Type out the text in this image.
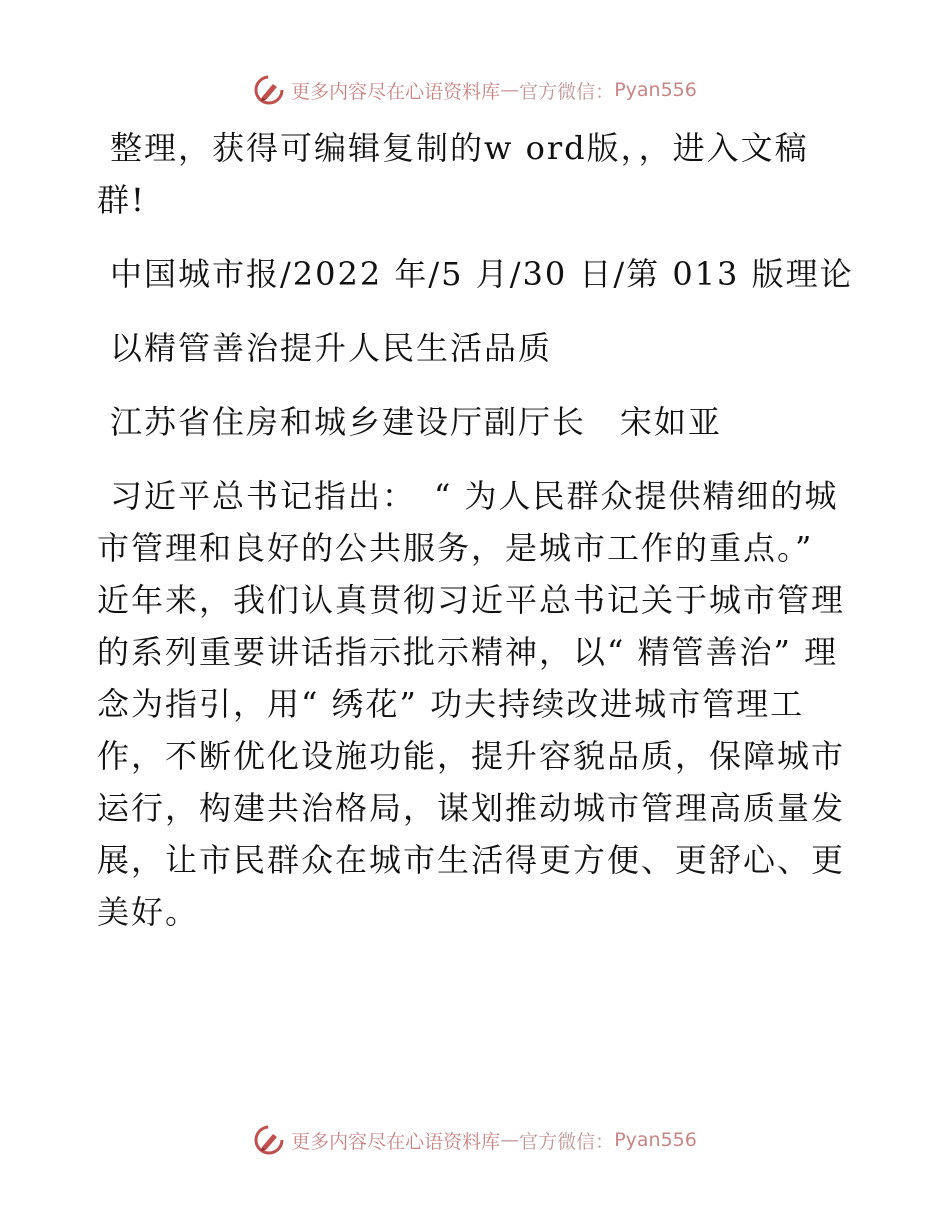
更多内容尽在心语资料库 — 官方微信： Pyan556

整理，获得可编辑复制的w ord版，，进入文稿群!

中国城市报/2022 年/5 月/30 日/第 013 版理论

以精管善治提升人民生活品质

江苏省住房和城乡建设厅副厅长　宋如亚

习近平总书记指出：　“ 为人民群众提供精细的城市管理和良好的公共服务，是城市工作的重点。”　近年来，我们认真贯彻习近平总书记关于城市管理的系列重要讲话指示批示精神，以“ 精管善治” 理念为指引，用“ 绣花” 功夫持续改进城市管理工作，不断优化设施功能，提升容貌品质，保障城市运行，构建共治格局，谋划推动城市管理高质量发展，让市民群众在城市生活得更方便、更舒心、更美好。

更多内容尽在心语资料库 — 官方微信： Pyan556
